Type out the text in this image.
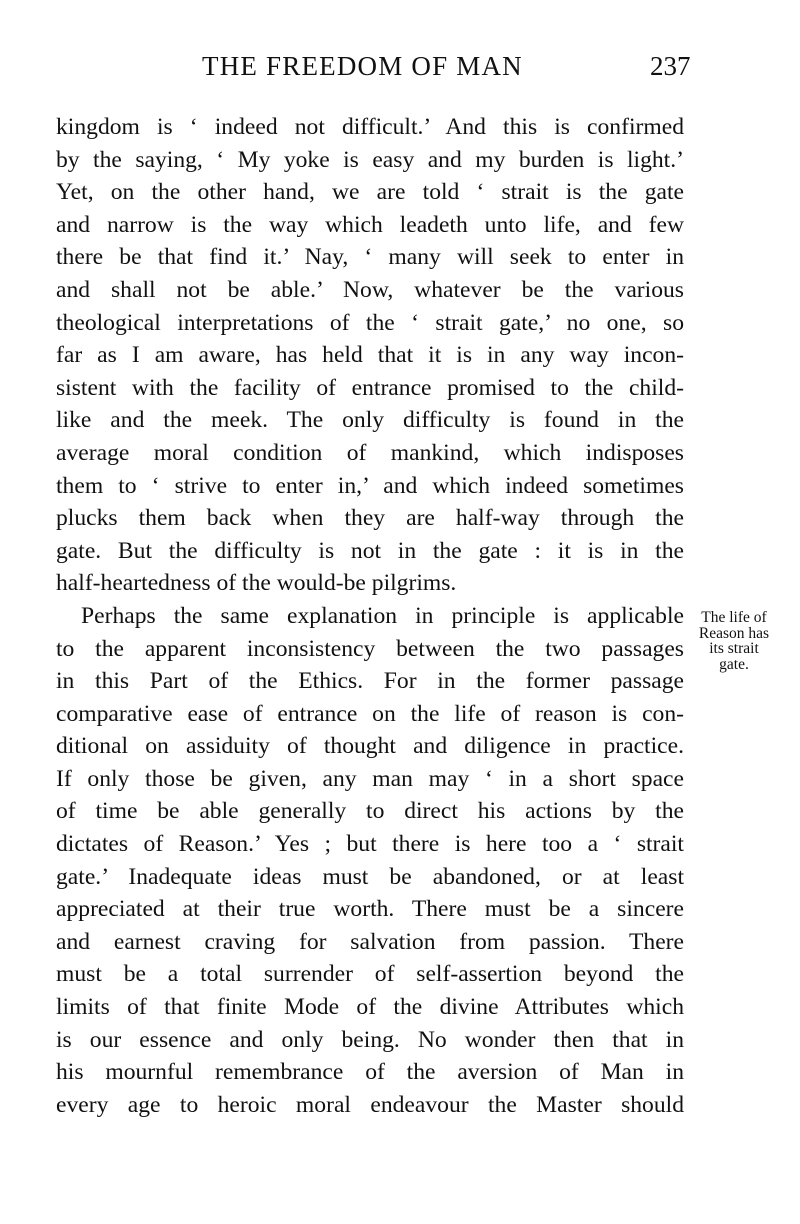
THE FREEDOM OF MAN	237
kingdom is ‘ indeed not difficult.’ And this is confirmed
by the saying, ‘ My yoke is easy and my burden is light.’
Yet, on the other hand, we are told ‘ strait is the gate
and narrow is the way which leadeth unto life, and few
there be that find it.’ Nay, ‘ many will seek to enter in
and shall not be able.’ Now, whatever be the various
theological interpretations of the ‘ strait gate,’ no one, so
far as I am aware, has held that it is in any way incon-
sistent with the facility of entrance promised to the child-
like and the meek. The only difficulty is found in the
average moral condition of mankind, which indisposes
them to ‘ strive to enter in,’ and which indeed sometimes
plucks them back when they are half-way through the
gate. But the difficulty is not in the gate : it is in the
half-heartedness of the would-be pilgrims.
Perhaps the same explanation in principle is applicable
to the apparent inconsistency between the two passages
in this Part of the Ethics. For in the former passage
comparative ease of entrance on the life of reason is con-
ditional on assiduity of thought and diligence in practice.
If only those be given, any man may ‘ in a short space
of time be able generally to direct his actions by the
dictates of Reason.’ Yes ; but there is here too a ‘ strait
gate.’ Inadequate ideas must be abandoned, or at least
appreciated at their true worth. There must be a sincere
and earnest craving for salvation from passion. There
must be a total surrender of self-assertion beyond the
limits of that finite Mode of the divine Attributes which
is our essence and only being. No wonder then that in
his mournful remembrance of the aversion of Man in
every age to heroic moral endeavour the Master should
The life of
Reason has
its strait
gate.
